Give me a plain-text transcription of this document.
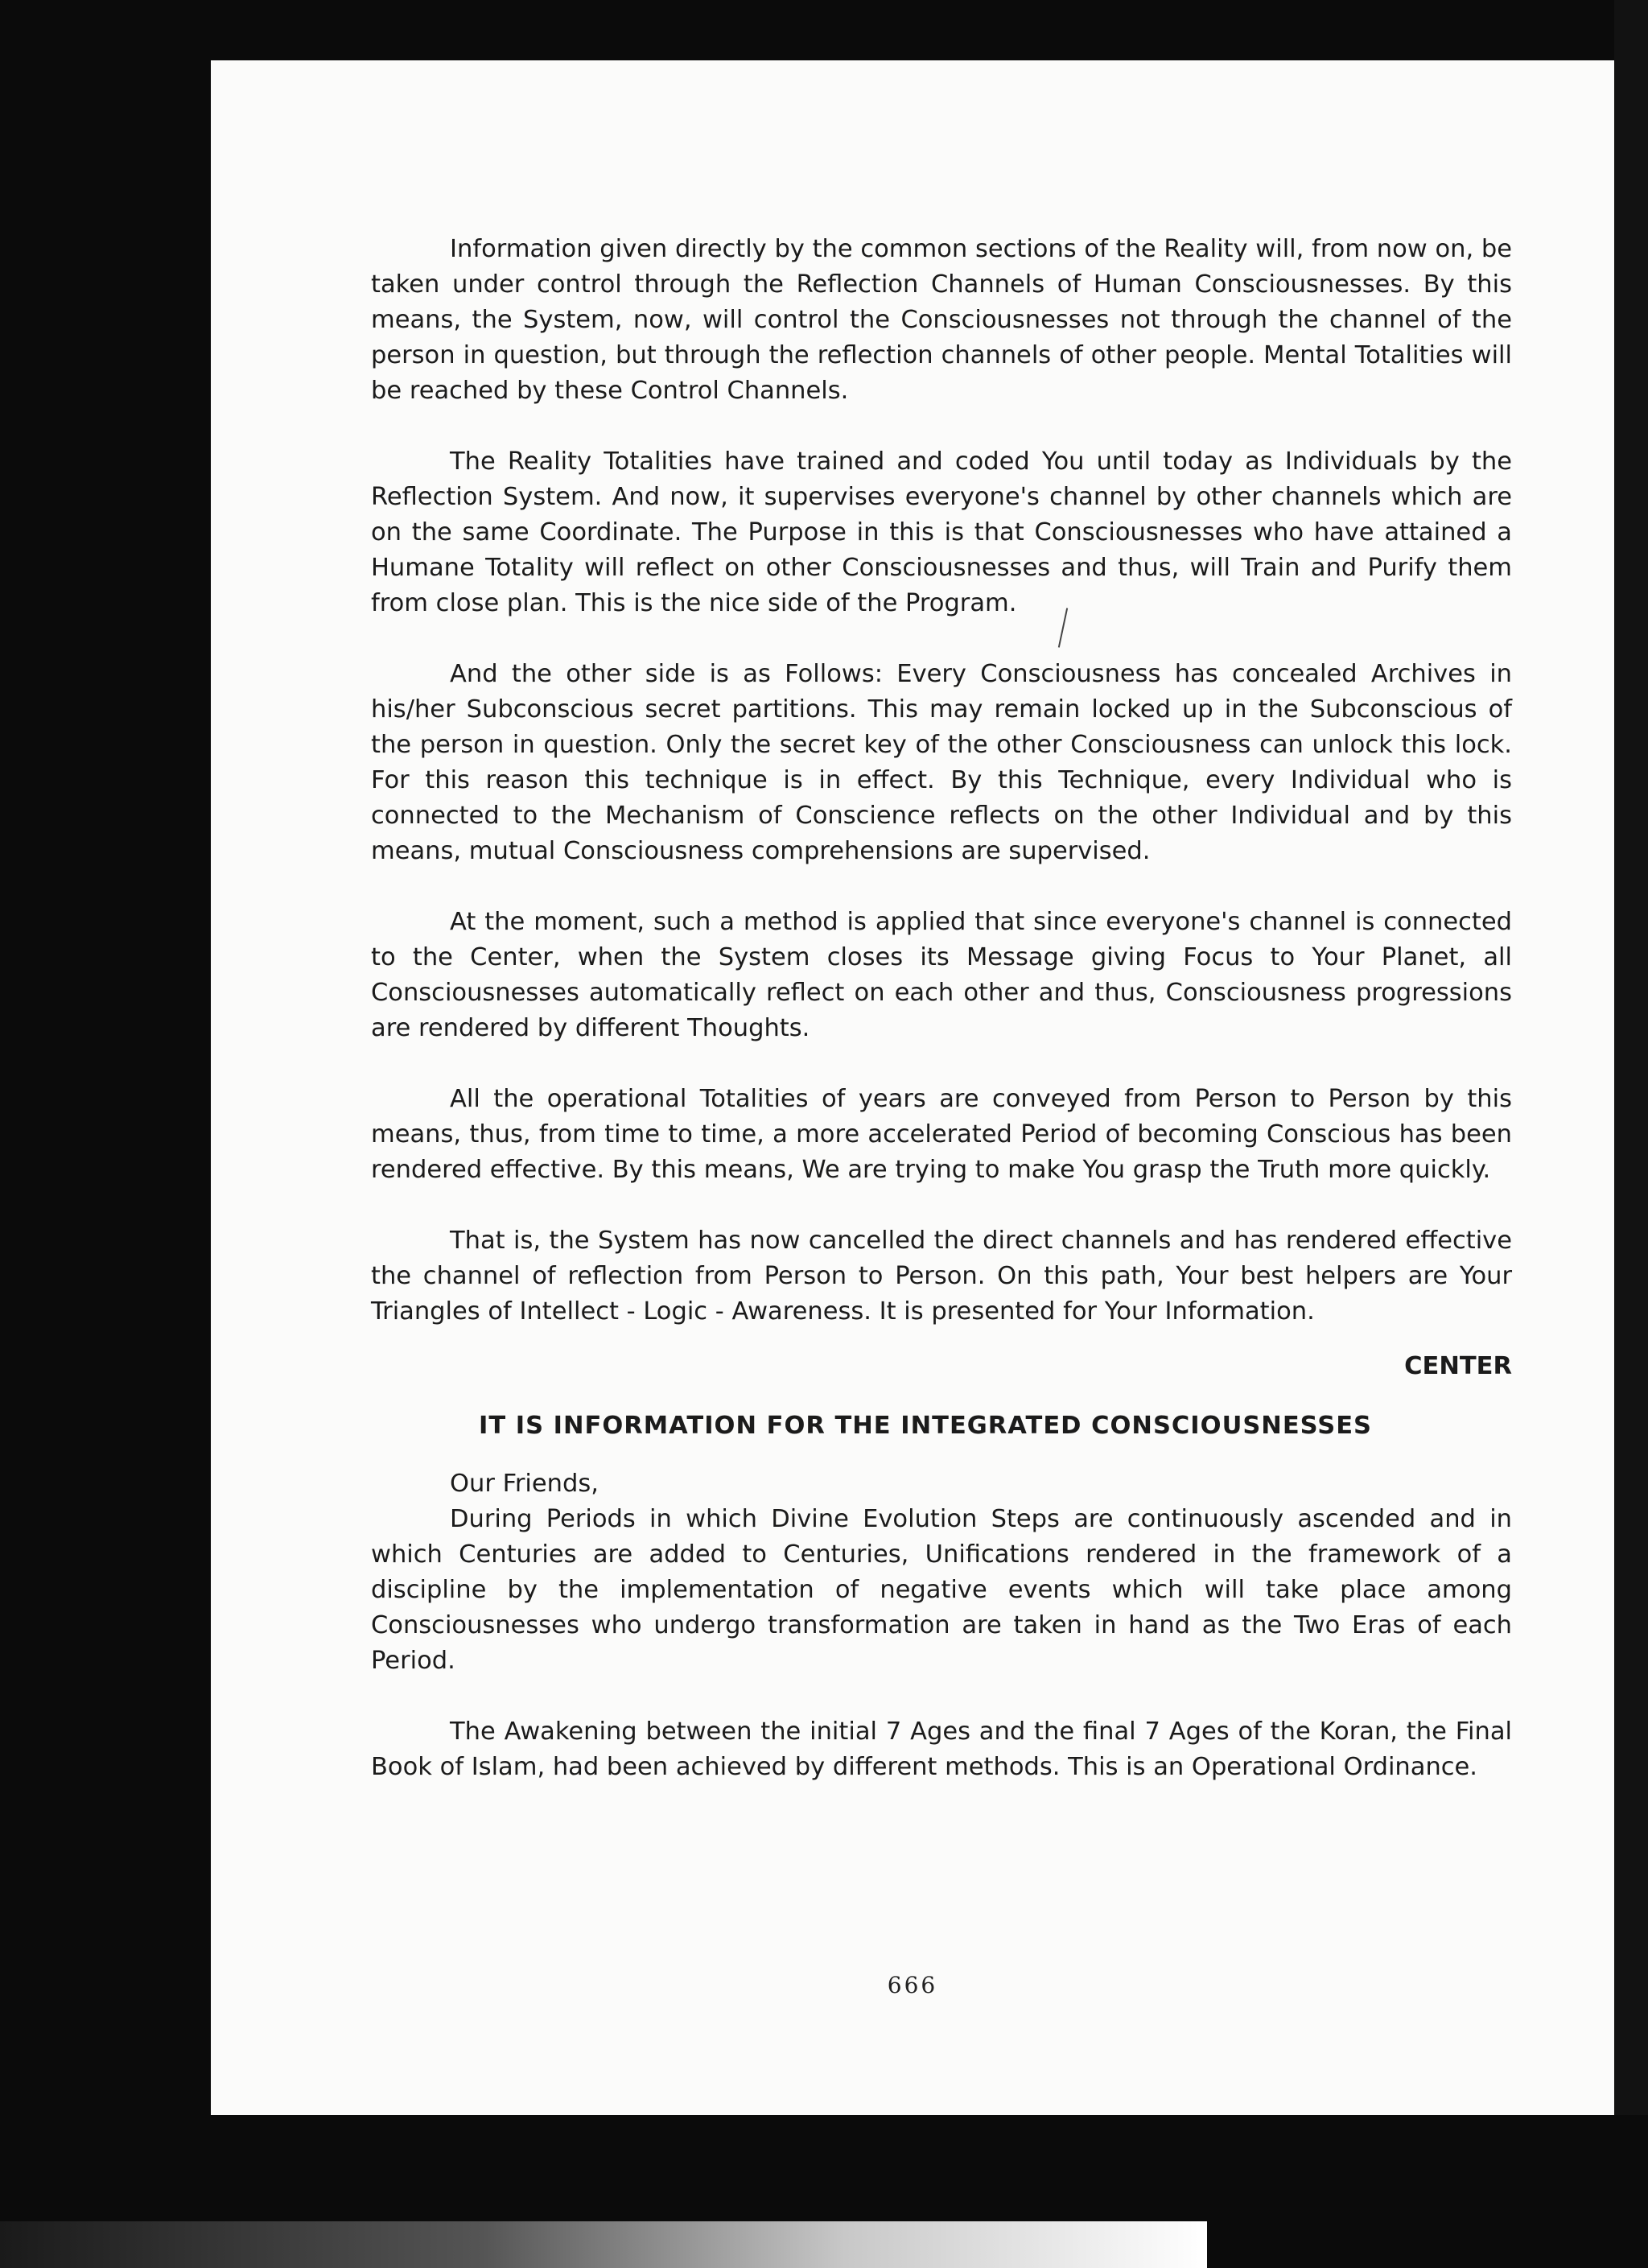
Information given directly by the common sections of the Reality will, from now on, be taken under control through the Reflection Channels of Human Consciousnesses. By this means, the System, now, will control the Consciousnesses not through the channel of the person in question, but through the reflection channels of other people. Mental Totalities will be reached by these Control Channels.

The Reality Totalities have trained and coded You until today as Individuals by the Reflection System. And now, it supervises everyone's channel by other channels which are on the same Coordinate. The Purpose in this is that Consciousnesses who have attained a Humane Totality will reflect on other Consciousnesses and thus, will Train and Purify them from close plan. This is the nice side of the Program.

And the other side is as Follows: Every Consciousness has concealed Archives in his/her Subconscious secret partitions. This may remain locked up in the Subconscious of the person in question. Only the secret key of the other Consciousness can unlock this lock. For this reason this technique is in effect. By this Technique, every Individual who is connected to the Mechanism of Conscience reflects on the other Individual and by this means, mutual Consciousness comprehensions are supervised.

At the moment, such a method is applied that since everyone's channel is connected to the Center, when the System closes its Message giving Focus to Your Planet, all Consciousnesses automatically reflect on each other and thus, Consciousness progressions are rendered by different Thoughts.

All the operational Totalities of years are conveyed from Person to Person by this means, thus, from time to time, a more accelerated Period of becoming Conscious has been rendered effective. By this means, We are trying to make You grasp the Truth more quickly.

That is, the System has now cancelled the direct channels and has rendered effective the channel of reflection from Person to Person. On this path, Your best helpers are Your Triangles of Intellect - Logic - Awareness. It is presented for Your Information.

CENTER
IT IS INFORMATION FOR THE INTEGRATED CONSCIOUSNESSES

Our Friends,

During Periods in which Divine Evolution Steps are continuously ascended and in which Centuries are added to Centuries, Unifications rendered in the framework of a discipline by the implementation of negative events which will take place among Consciousnesses who undergo transformation are taken in hand as the Two Eras of each Period.

The Awakening between the initial 7 Ages and the final 7 Ages of the Koran, the Final Book of Islam, had been achieved by different methods. This is an Operational Ordinance.

666
